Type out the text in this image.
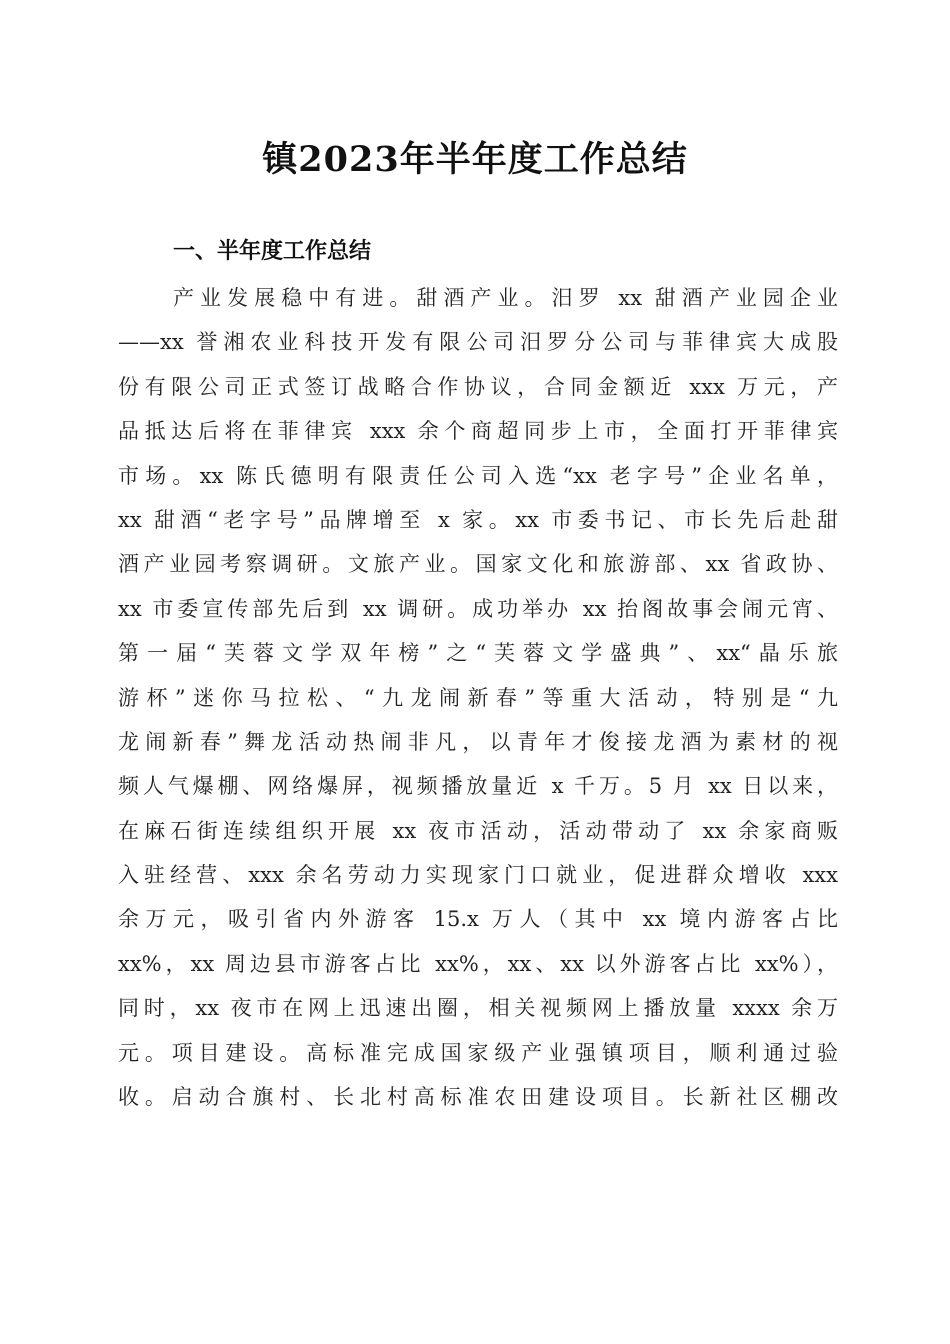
镇2023年半年度工作总结
一、半年度工作总结
产业发展稳中有进。甜酒产业。汨罗 xx 甜酒产业园企业
——xx 誉湘农业科技开发有限公司汨罗分公司与菲律宾大成股
份有限公司正式签订战略合作协议，合同金额近 xxx 万元，产
品抵达后将在菲律宾 xxx 余个商超同步上市，全面打开菲律宾
市场。xx 陈氏德明有限责任公司入选“xx 老字号”企业名单，
xx 甜酒“老字号”品牌增至 x 家。xx 市委书记、市长先后赴甜
酒产业园考察调研。文旅产业。国家文化和旅游部、xx 省政协、
xx 市委宣传部先后到 xx 调研。成功举办 xx 抬阁故事会闹元宵、
第一届“芙蓉文学双年榜”之“芙蓉文学盛典”、xx“晶乐旅
游杯”迷你马拉松、“九龙闹新春”等重大活动，特别是“九
龙闹新春”舞龙活动热闹非凡，以青年才俊接龙酒为素材的视
频人气爆棚、网络爆屏，视频播放量近 x 千万。5 月 xx 日以来，
在麻石街连续组织开展 xx 夜市活动，活动带动了 xx 余家商贩
入驻经营、xxx 余名劳动力实现家门口就业，促进群众增收 xxx
余万元，吸引省内外游客 15.x 万人（其中 xx 境内游客占比
xx%，xx 周边县市游客占比 xx%，xx、xx 以外游客占比 xx%），
同时，xx 夜市在网上迅速出圈，相关视频网上播放量 xxxx 余万
元。项目建设。高标准完成国家级产业强镇项目，顺利通过验
收。启动合旗村、长北村高标准农田建设项目。长新社区棚改
